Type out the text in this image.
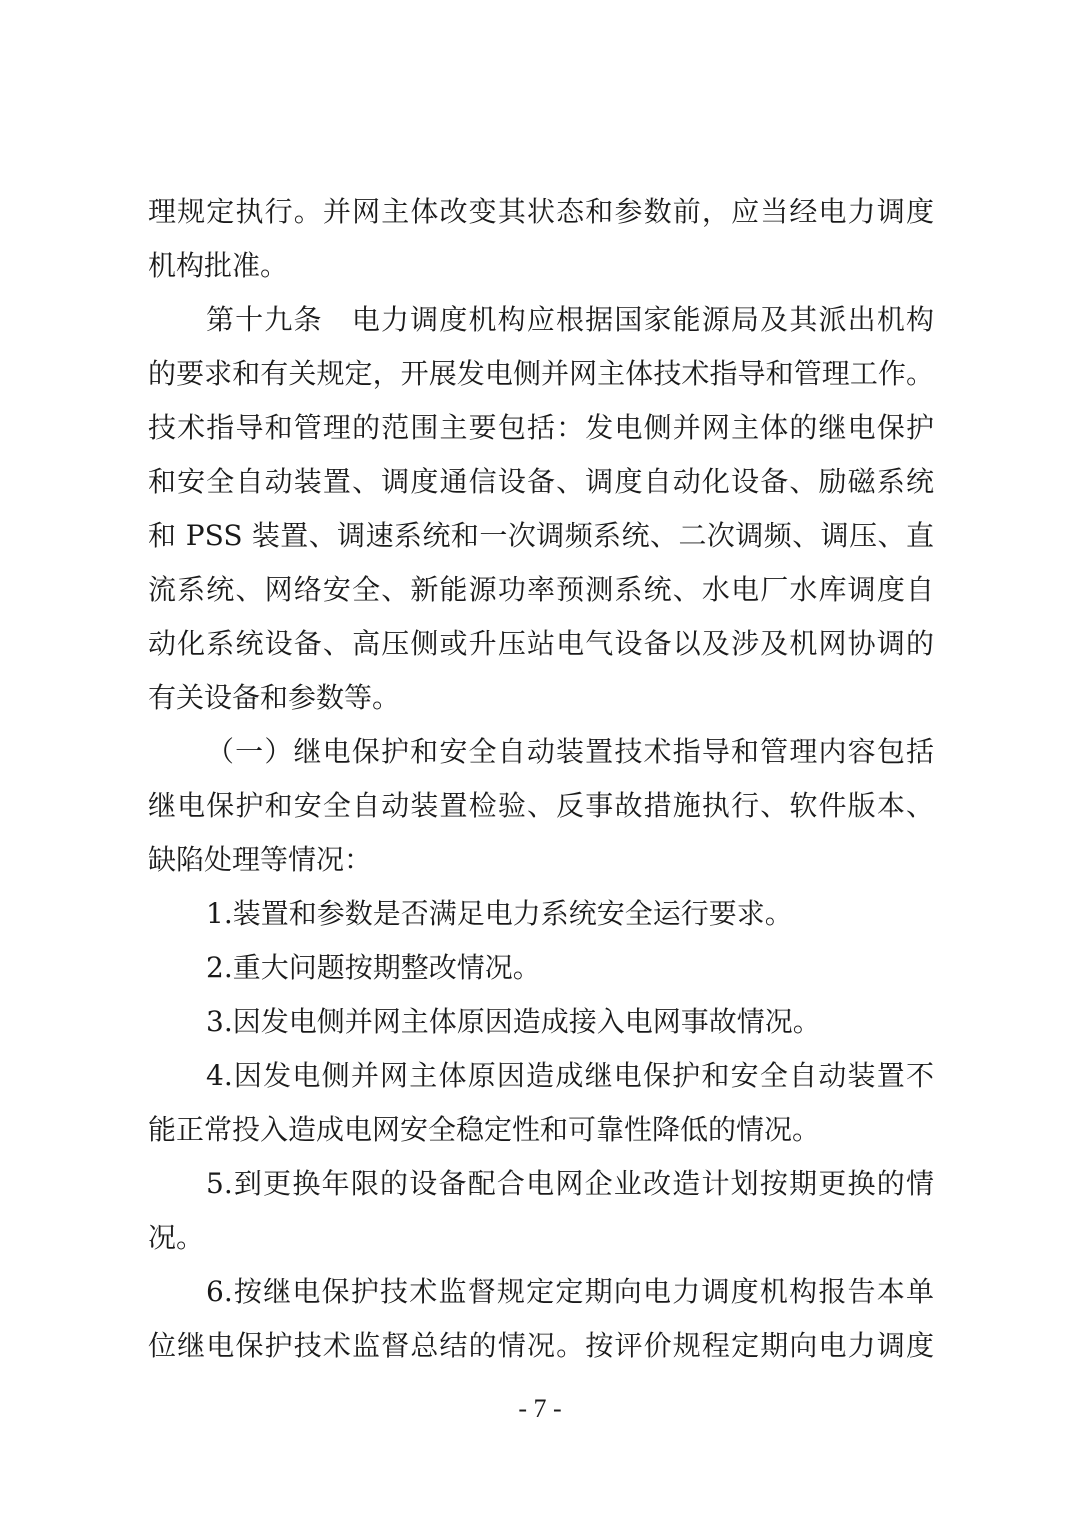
理规定执行。并网主体改变其状态和参数前，应当经电力调度
机构批准。
第十九条　电力调度机构应根据国家能源局及其派出机构
的要求和有关规定，开展发电侧并网主体技术指导和管理工作。
技术指导和管理的范围主要包括：发电侧并网主体的继电保护
和安全自动装置、调度通信设备、调度自动化设备、励磁系统
和 PSS 装置、调速系统和一次调频系统、二次调频、调压、直
流系统、网络安全、新能源功率预测系统、水电厂水库调度自
动化系统设备、高压侧或升压站电气设备以及涉及机网协调的
有关设备和参数等。
（一）继电保护和安全自动装置技术指导和管理内容包括
继电保护和安全自动装置检验、反事故措施执行、软件版本、
缺陷处理等情况：
1.装置和参数是否满足电力系统安全运行要求。
2.重大问题按期整改情况。
3.因发电侧并网主体原因造成接入电网事故情况。
4.因发电侧并网主体原因造成继电保护和安全自动装置不
能正常投入造成电网安全稳定性和可靠性降低的情况。
5.到更换年限的设备配合电网企业改造计划按期更换的情
况。
6.按继电保护技术监督规定定期向电力调度机构报告本单
位继电保护技术监督总结的情况。按评价规程定期向电力调度
- 7 -
